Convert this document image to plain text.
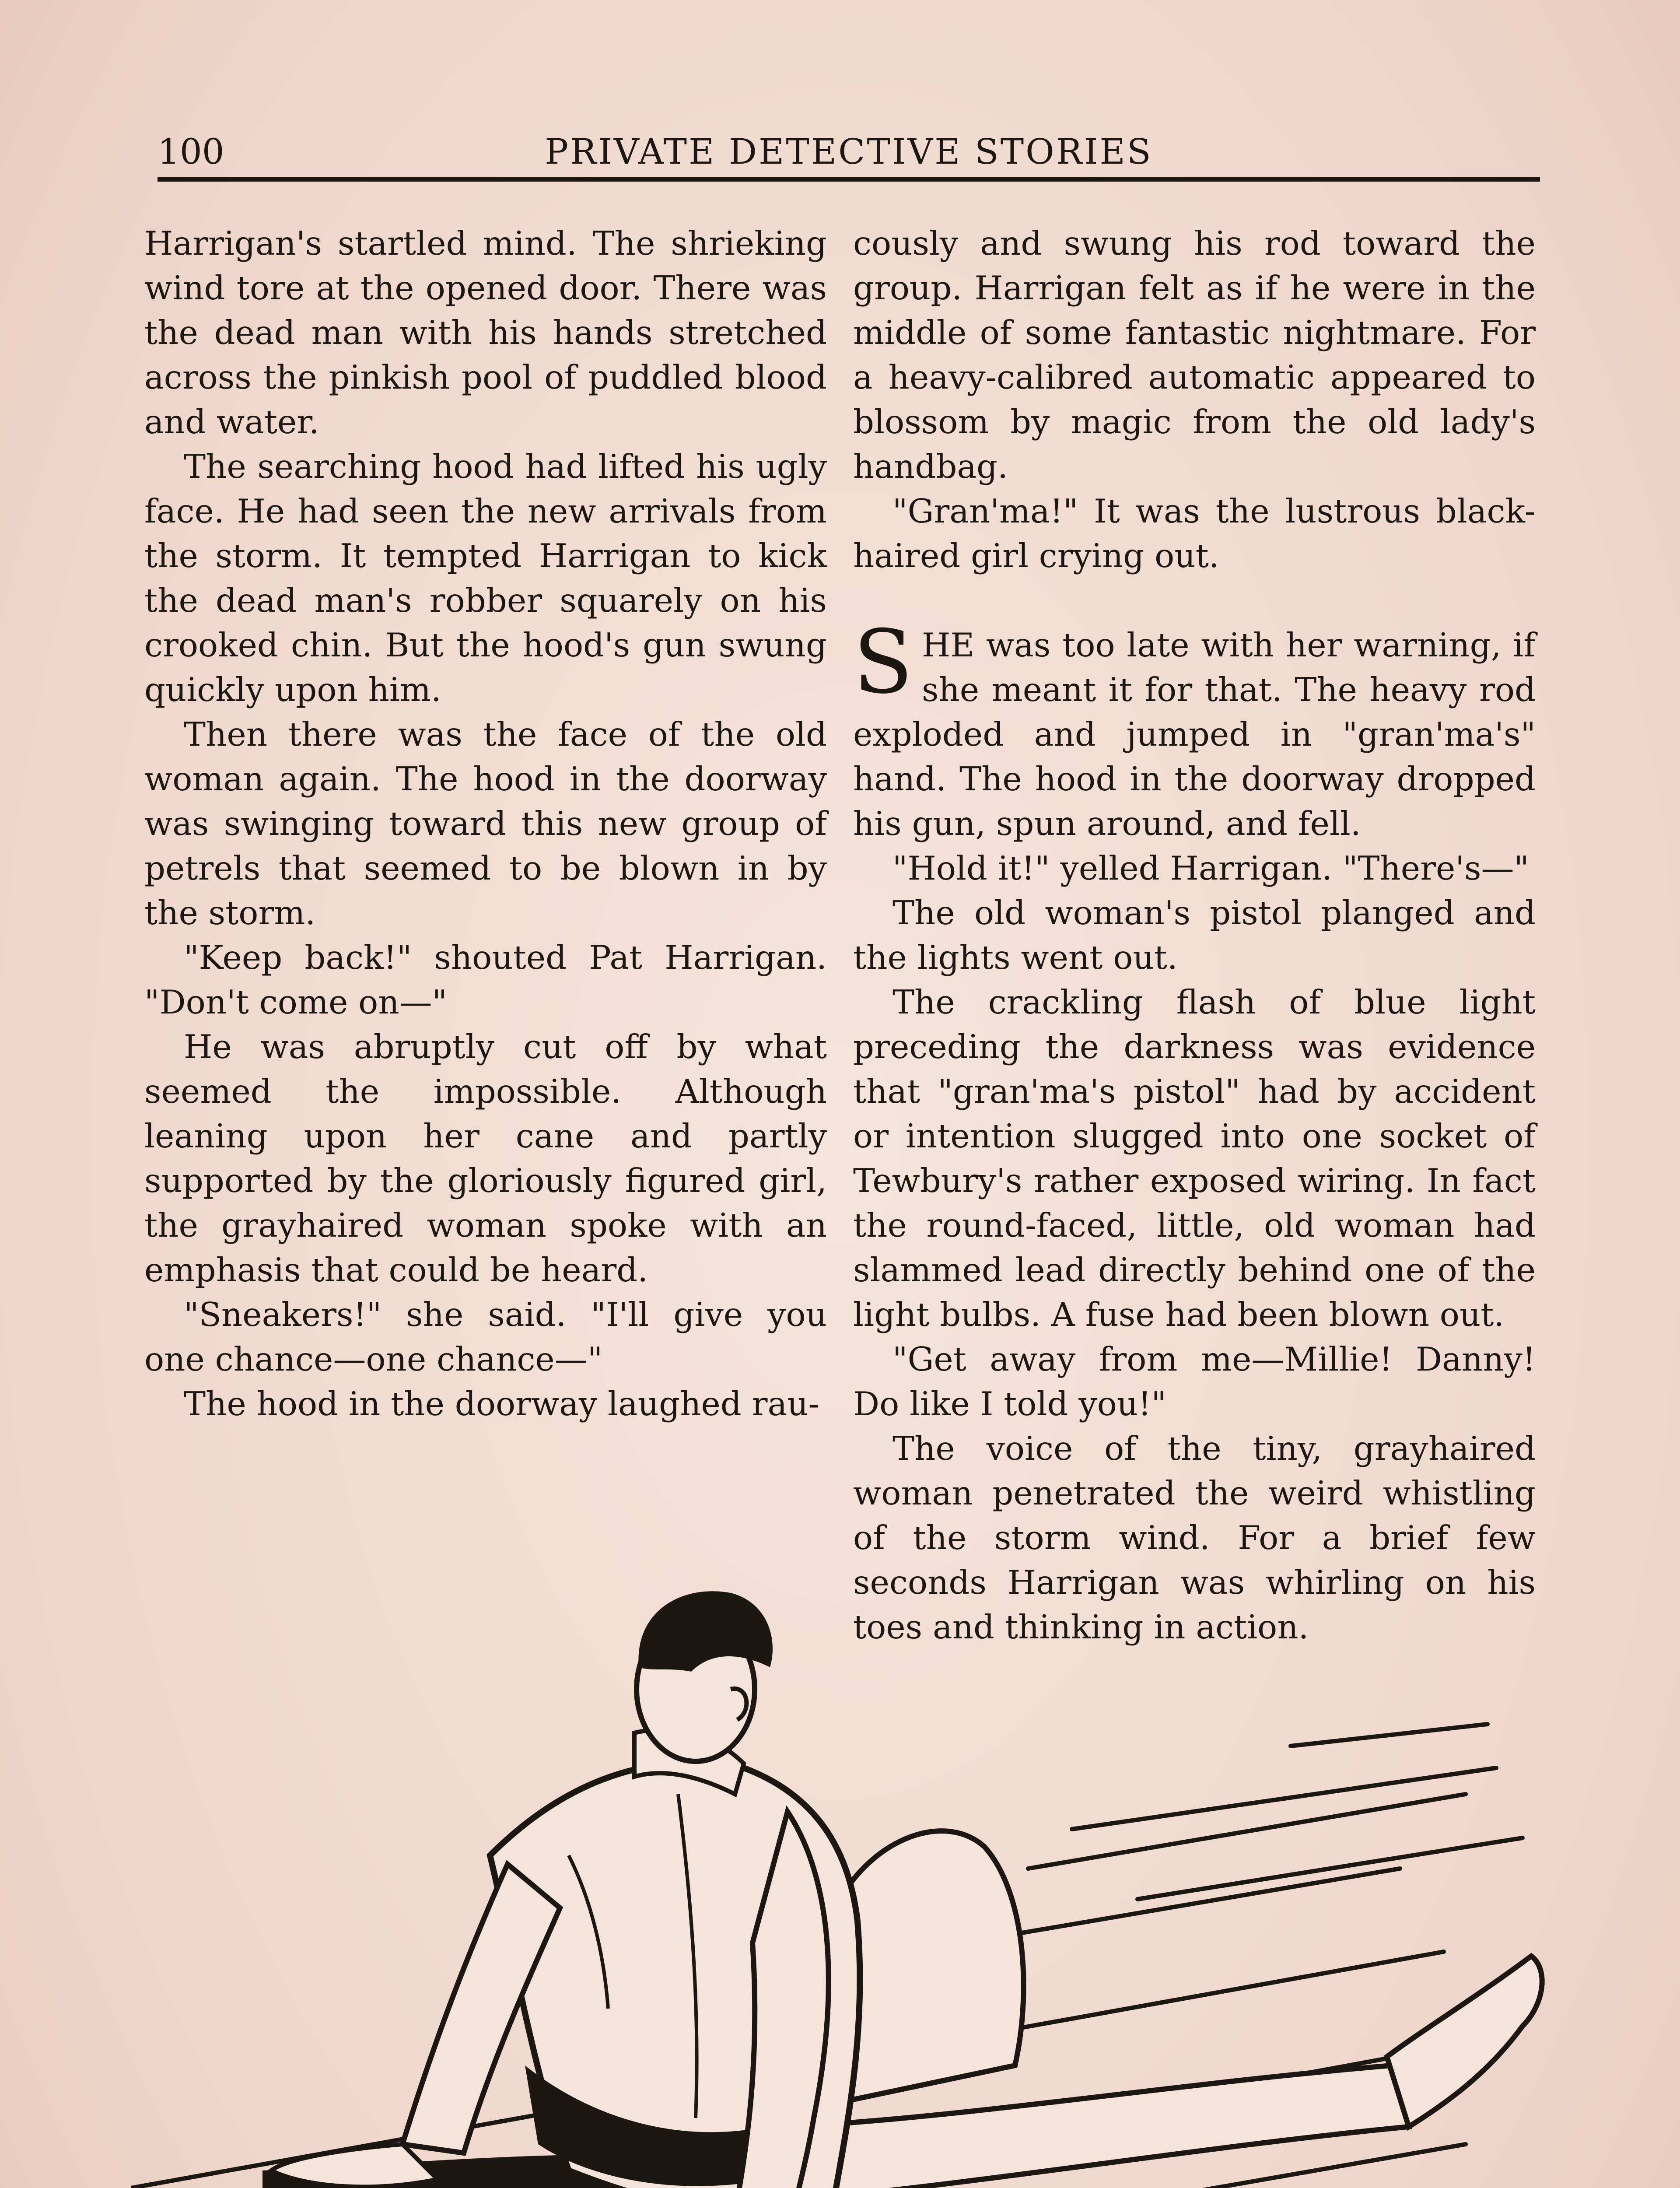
100	PRIVATE DETECTIVE STORIES

Harrigan's startled mind. The shrieking wind tore at the opened door. There was the dead man with his hands stretched across the pinkish pool of puddled blood and water.

The searching hood had lifted his ugly face. He had seen the new arrivals from the storm. It tempted Harrigan to kick the dead man's robber squarely on his crooked chin. But the hood's gun swung quickly upon him.

Then there was the face of the old woman again. The hood in the doorway was swinging toward this new group of petrels that seemed to be blown in by the storm.

"Keep back!" shouted Pat Harrigan. "Don't come on—"

He was abruptly cut off by what seemed the impossible. Although leaning upon her cane and partly supported by the gloriously figured girl, the grayhaired woman spoke with an emphasis that could be heard.

"Sneakers!" she said. "I'll give you one chance—one chance—"

The hood in the doorway laughed rau-

cously and swung his rod toward the group. Harrigan felt as if he were in the middle of some fantastic nightmare. For a heavy-calibred automatic appeared to blossom by magic from the old lady's handbag.

"Gran'ma!" It was the lustrous black-haired girl crying out.

SHE was too late with her warning, if she meant it for that. The heavy rod exploded and jumped in "gran'ma's" hand. The hood in the doorway dropped his gun, spun around, and fell.

"Hold it!" yelled Harrigan. "There's—"

The old woman's pistol planged and the lights went out.

The crackling flash of blue light preceding the darkness was evidence that "gran'ma's pistol" had by accident or intention slugged into one socket of Tewbury's rather exposed wiring. In fact the round-faced, little, old woman had slammed lead directly behind one of the light bulbs. A fuse had been blown out.

"Get away from me—Millie! Danny! Do like I told you!"

The voice of the tiny, grayhaired woman penetrated the weird whistling of the storm wind. For a brief few seconds Harrigan was whirling on his toes and thinking in action.
